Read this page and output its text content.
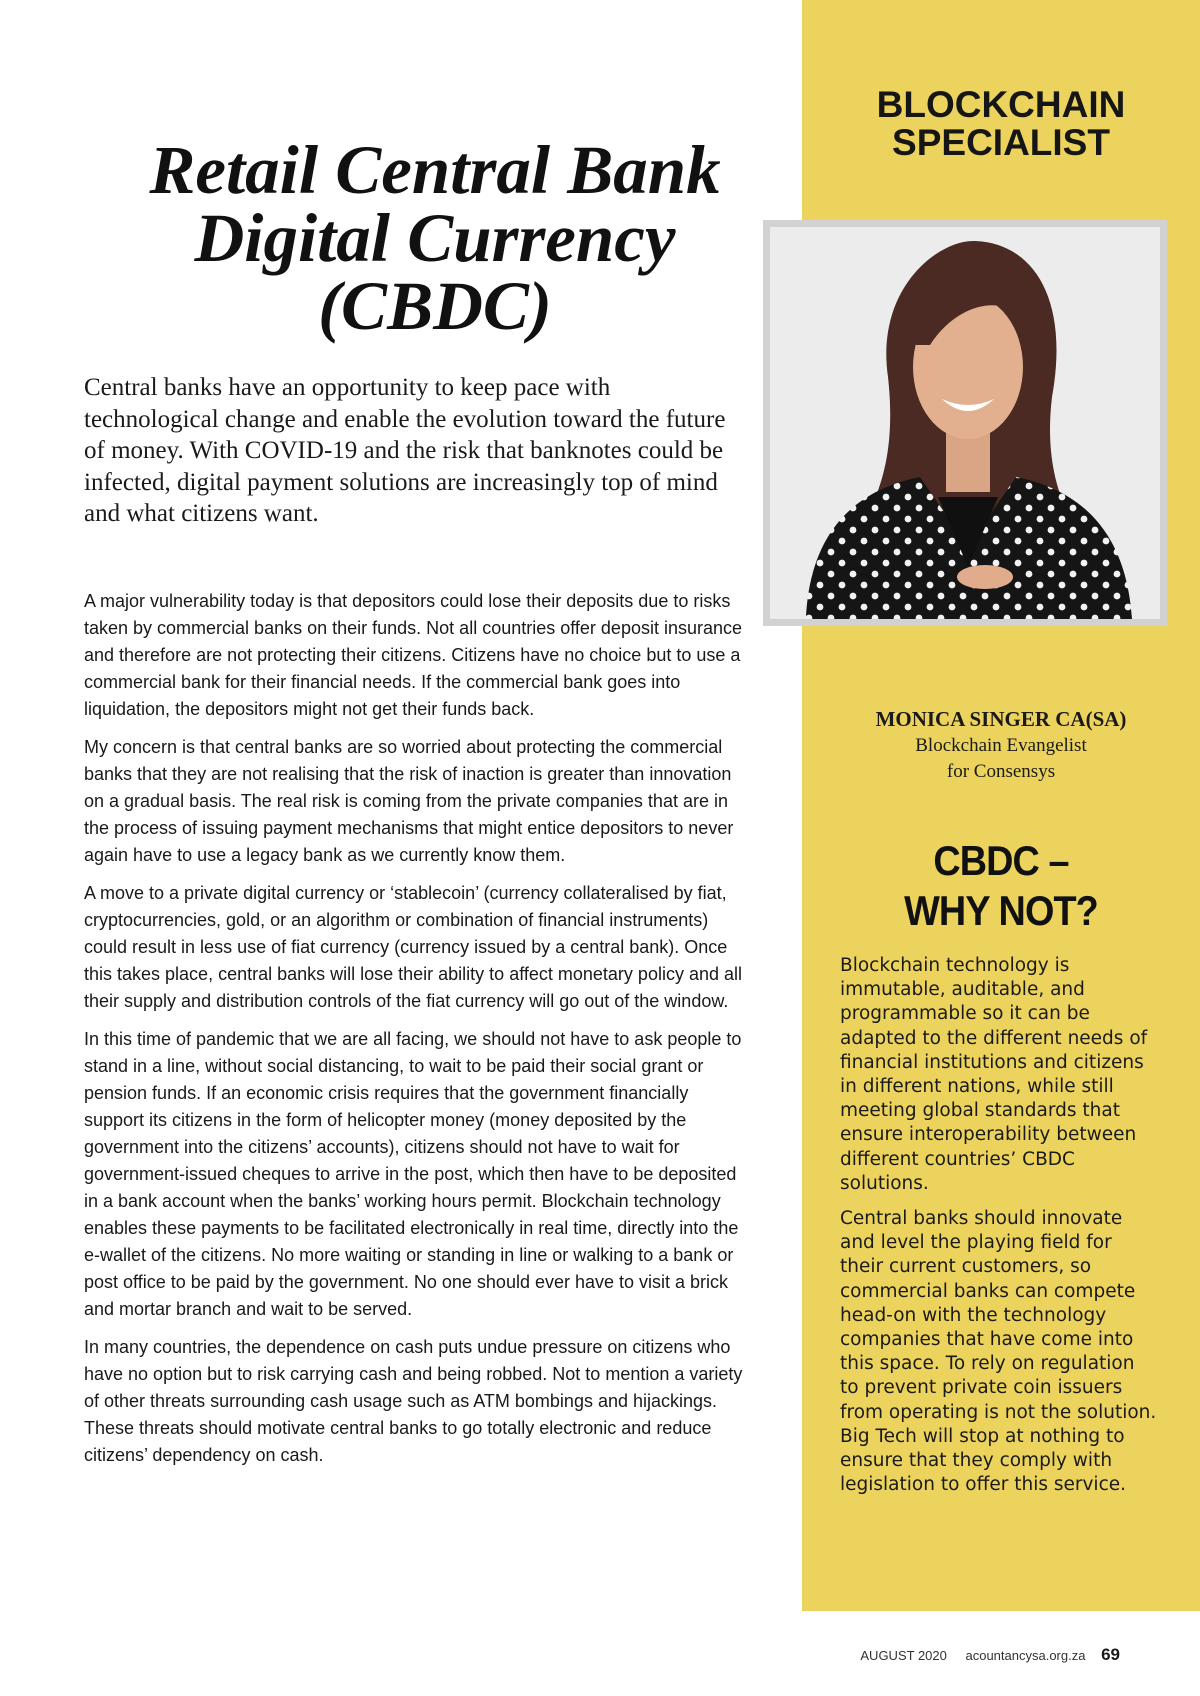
Retail Central Bank Digital Currency (CBDC)

Central banks have an opportunity to keep pace with technological change and enable the evolution toward the future of money. With COVID-19 and the risk that banknotes could be infected, digital payment solutions are increasingly top of mind and what citizens want.

A major vulnerability today is that depositors could lose their deposits due to risks taken by commercial banks on their funds. Not all countries offer deposit insurance and therefore are not protecting their citizens. Citizens have no choice but to use a commercial bank for their financial needs. If the commercial bank goes into liquidation, the depositors might not get their funds back.

My concern is that central banks are so worried about protecting the commercial banks that they are not realising that the risk of inaction is greater than innovation on a gradual basis. The real risk is coming from the private companies that are in the process of issuing payment mechanisms that might entice depositors to never again have to use a legacy bank as we currently know them.

A move to a private digital currency or ‘stablecoin’ (currency collateralised by fiat, cryptocurrencies, gold, or an algorithm or combination of financial instruments) could result in less use of fiat currency (currency issued by a central bank). Once this takes place, central banks will lose their ability to affect monetary policy and all their supply and distribution controls of the fiat currency will go out of the window.

In this time of pandemic that we are all facing, we should not have to ask people to stand in a line, without social distancing, to wait to be paid their social grant or pension funds. If an economic crisis requires that the government financially support its citizens in the form of helicopter money (money deposited by the government into the citizens’ accounts), citizens should not have to wait for government-issued cheques to arrive in the post, which then have to be deposited in a bank account when the banks’ working hours permit. Blockchain technology enables these payments to be facilitated electronically in real time, directly into the e-wallet of the citizens. No more waiting or standing in line or walking to a bank or post office to be paid by the government. No one should ever have to visit a brick and mortar branch and wait to be served.

In many countries, the dependence on cash puts undue pressure on citizens who have no option but to risk carrying cash and being robbed. Not to mention a variety of other threats surrounding cash usage such as ATM bombings and hijackings. These threats should motivate central banks to go totally electronic and reduce citizens’ dependency on cash.

BLOCKCHAIN
SPECIALIST

MONICA SINGER CA(SA)

Blockchain Evangelist
for Consensys

CBDC –
WHY NOT?

Blockchain technology is immutable, auditable, and programmable so it can be adapted to the different needs of financial institutions and citizens in different nations, while still meeting global standards that ensure interoperability between different countries’ CBDC solutions.

Central banks should innovate and level the playing field for their current customers, so commercial banks can compete head-on with the technology companies that have come into this space. To rely on regulation to prevent private coin issuers from operating is not the solution. Big Tech will stop at nothing to ensure that they comply with legislation to offer this service.

AUGUST 2020 acountancysa.org.za 69
